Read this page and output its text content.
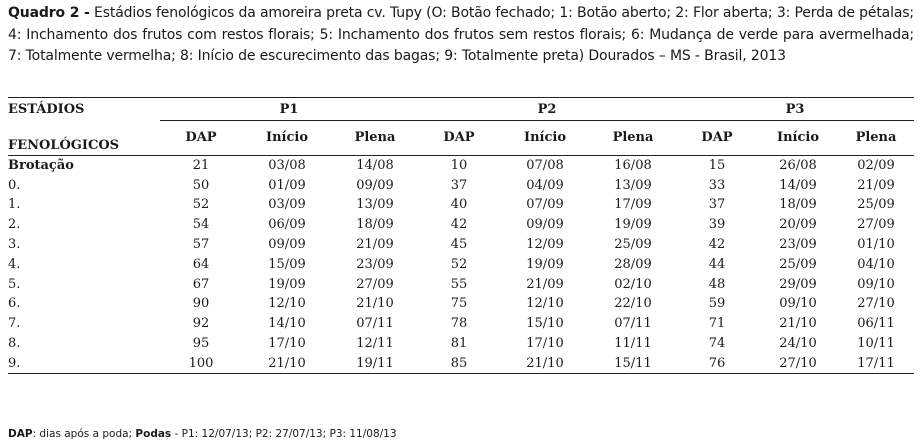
Quadro 2 - Estádios fenológicos da amoreira preta cv. Tupy (O: Botão fechado; 1: Botão aberto; 2: Flor aberta; 3: Perda de pétalas; 4: Inchamento dos frutos com restos florais; 5: Inchamento dos frutos sem restos florais; 6: Mudança de verde para avermelhada; 7: Totalmente vermelha; 8: Início de escurecimento das bagas; 9: Totalmente preta) Dourados – MS - Brasil, 2013
ESTÁDIOS	P1			P2			P3		
FENOLÓGICOS	DAP	Início	Plena	DAP	Início	Plena	DAP	Início	Plena
Brotação	21	03/08	14/08	10	07/08	16/08	15	26/08	02/09
0.	50	01/09	09/09	37	04/09	13/09	33	14/09	21/09
1.	52	03/09	13/09	40	07/09	17/09	37	18/09	25/09
2.	54	06/09	18/09	42	09/09	19/09	39	20/09	27/09
3.	57	09/09	21/09	45	12/09	25/09	42	23/09	01/10
4.	64	15/09	23/09	52	19/09	28/09	44	25/09	04/10
5.	67	19/09	27/09	55	21/09	02/10	48	29/09	09/10
6.	90	12/10	21/10	75	12/10	22/10	59	09/10	27/10
7.	92	14/10	07/11	78	15/10	07/11	71	21/10	06/11
8.	95	17/10	12/11	81	17/10	11/11	74	24/10	10/11
9.	100	21/10	19/11	85	21/10	15/11	76	27/10	17/11
DAP: dias após a poda; Podas - P1: 12/07/13; P2: 27/07/13; P3: 11/08/13
